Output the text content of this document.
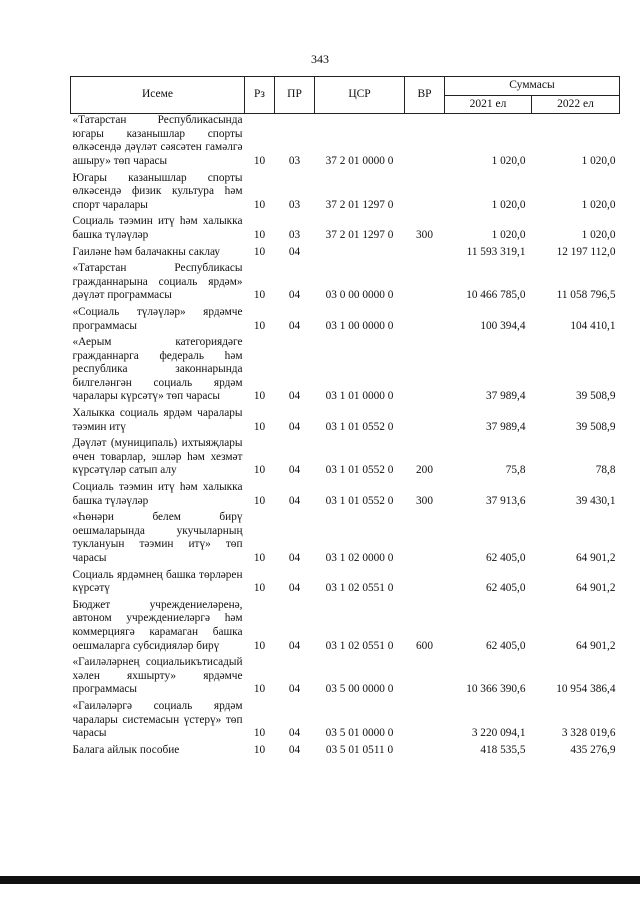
343
Исеме	Рз	ПР	ЦСР	ВР	Суммасы	
					2021 ел	2022 ел
«Татарстан Республикасында югары казанышлар спорты өлкәсендә дәүләт сәясәтен гамәлгә ашыру» төп чарасы	10	03	37 2 01 0000 0		1 020,0	1 020,0
Югары казанышлар спорты өлкәсендә физик культура һәм спорт чаралары	10	03	37 2 01 1297 0		1 020,0	1 020,0
Социаль тәэмин итү һәм халыкка башка түләүләр	10	03	37 2 01 1297 0	300	1 020,0	1 020,0
Гаиләне һәм балачакны саклау	10	04			11 593 319,1	12 197 112,0
«Татарстан Республикасы гражданнарына социаль ярдәм» дәүләт программасы	10	04	03 0 00 0000 0		10 466 785,0	11 058 796,5
«Социаль түләүләр» ярдәмче программасы	10	04	03 1 00 0000 0		100 394,4	104 410,1
«Аерым категориядәге гражданнарга федераль һәм республика законнарында билгеләнгән социаль ярдәм чаралары күрсәтү» төп чарасы	10	04	03 1 01 0000 0		37 989,4	39 508,9
Халыкка социаль ярдәм чаралары тәэмин итү	10	04	03 1 01 0552 0		37 989,4	39 508,9
Дәүләт (муниципаль) ихтыяҗлары өчен товарлар, эшләр һәм хезмәт күрсәтүләр сатып алу	10	04	03 1 01 0552 0	200	75,8	78,8
Социаль тәэмин итү һәм халыкка башка түләүләр	10	04	03 1 01 0552 0	300	37 913,6	39 430,1
«Һөнәри белем бирү оешмаларында укучыларның туклануын тәэмин итү» төп чарасы	10	04	03 1 02 0000 0		62 405,0	64 901,2
Социаль ярдәмнең башка төрләрен күрсәтү	10	04	03 1 02 0551 0		62 405,0	64 901,2
Бюджет учреждениеләренә, автоном учреждениеләргә һәм коммерциягә карамаган башка оешмаларга субсидияләр бирү	10	04	03 1 02 0551 0	600	62 405,0	64 901,2
«Гаиләләрнең социальикътисадый хәлен яхшырту» ярдәмче программасы	10	04	03 5 00 0000 0		10 366 390,6	10 954 386,4
«Гаиләләргә социаль ярдәм чаралары системасын үстерү» төп чарасы	10	04	03 5 01 0000 0		3 220 094,1	3 328 019,6
Балага айлык пособие	10	04	03 5 01 0511 0		418 535,5	435 276,9
